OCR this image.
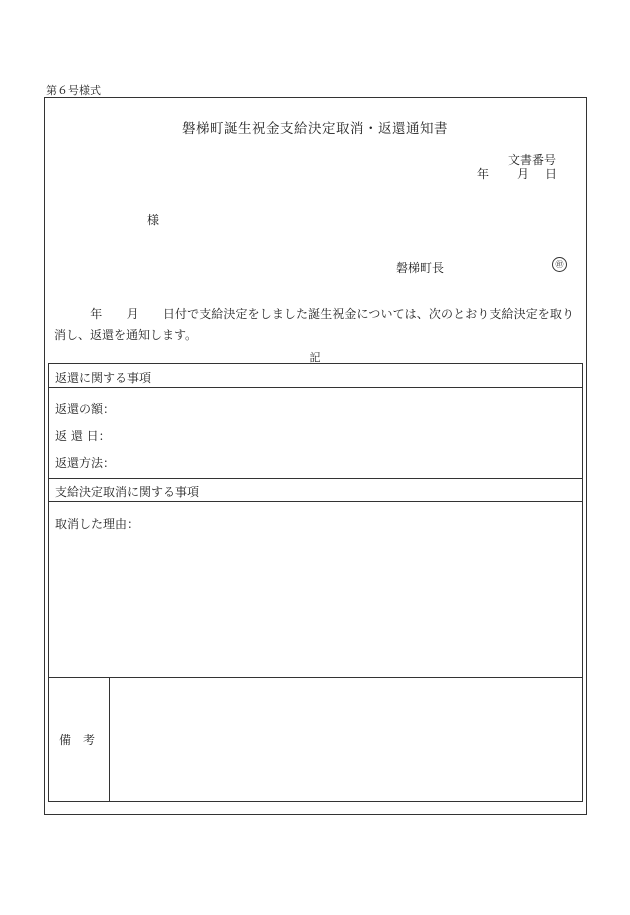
第６号様式
磐梯町誕生祝金支給決定取消・返還通知書
文書番号
年 月 日
様
磐梯町長	㊞
　　　年　　月　　日付で支給決定をしました誕生祝金については、次のとおり支給決定を取り消し、返還を通知します。
記
返還に関する事項
返還の額：
返 還 日：
返還方法：
支給決定取消に関する事項
取消した理由：
備　考
